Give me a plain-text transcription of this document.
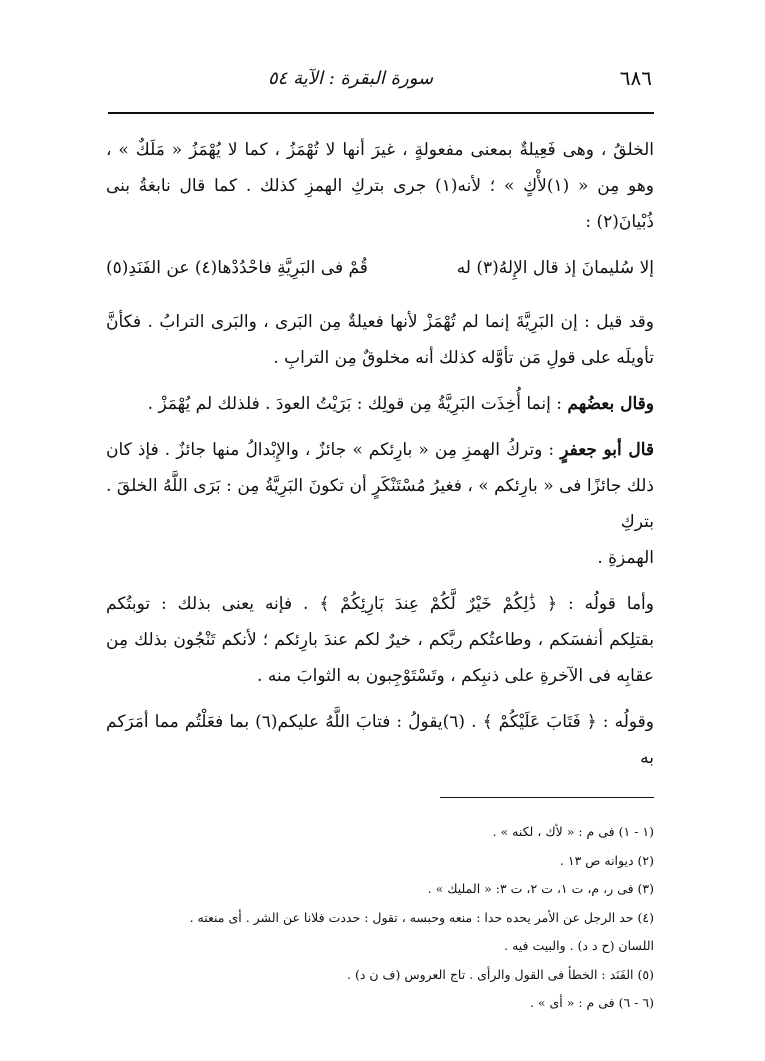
٦٨٦
سورة البقرة : الآية ٥٤

الخلقُ ، وهى فَعِيلةٌ بمعنى مفعولةٍ ، غيرَ أنها لا تُهْمَزُ ، كما لا يُهْمَزُ « مَلَكٌ » ،
وهو مِن « (١)لأْكٍ » ؛ لأنه(١) جرى بتركِ الهمزِ كذلك . كما قال نابغةُ بنى
ذُبْيانَ(٢) :

إلا سُليمانَ إذ قال الإِلهُ(٣) له
قُمْ فى البَرِيَّةِ فاحْدُدْها(٤) عن الفَنَدِ(٥)

وقد قيل : إن البَرِيَّةَ إنما لم تُهْمَزْ لأنها فعيلةٌ مِن البَرى ، والبَرى الترابُ . فكأنَّ
تأويلَه على قولِ مَن تأوَّله كذلك أنه مخلوقٌ مِن الترابِ .

وقال بعضُهم : إنما أُخِذَت البَرِيَّةُ مِن قولِك : بَرَيْتُ العودَ . فلذلك لم يُهْمَزْ .

قال أبو جعفرٍ : وتركُ الهمزِ مِن « بارِئكم » جائزٌ ، والإِبْدالُ منها جائزٌ . فإذ كان
ذلك جائزًا فى « بارِئكم » ، فغيرُ مُسْتَنْكَرٍ أن تكونَ البَرِيَّةُ مِن : بَرَى اللَّهُ الخلقَ . بتركِ
الهمزةِ .

وأما قولُه : ﴿ ذَٰلِكُمْ خَيْرٌ لَّكُمْ عِندَ بَارِئِكُمْ ﴾ . فإنه يعنى بذلك : توبتُكم
بقتلِكم أنفسَكم ، وطاعتُكم ربَّكم ، خيرٌ لكم عندَ بارِئكم ؛ لأنكم تَنْجُون بذلك مِن
عقابِه فى الآخرةِ على ذنبِكم ، وتَسْتَوْجِبون به الثوابَ منه .

وقولُه : ﴿ فَتَابَ عَلَيْكُمْ ﴾ . (٦)يقولُ : فتابَ اللَّهُ عليكم(٦) بما فعَلْتُم مما أمَرَكم به

(١ - ١) فى م : « لأك ، لكنه » .
(٢) ديوانه ص ١٣ .
(٣) فى ر، م، ت ١، ت ٢، ت ٣: « المليك » .
(٤) حد الرجل عن الأمر يحده حدا : منعه وحبسه ، تقول : حددت فلانا عن الشر . أى منعته .
اللسان (ح د د) . والبيت فيه .
(٥) الفَنَد : الخطأ فى القول والرأى . تاج العروس (ف ن د) .
(٦ - ٦) فى م : « أى » .
